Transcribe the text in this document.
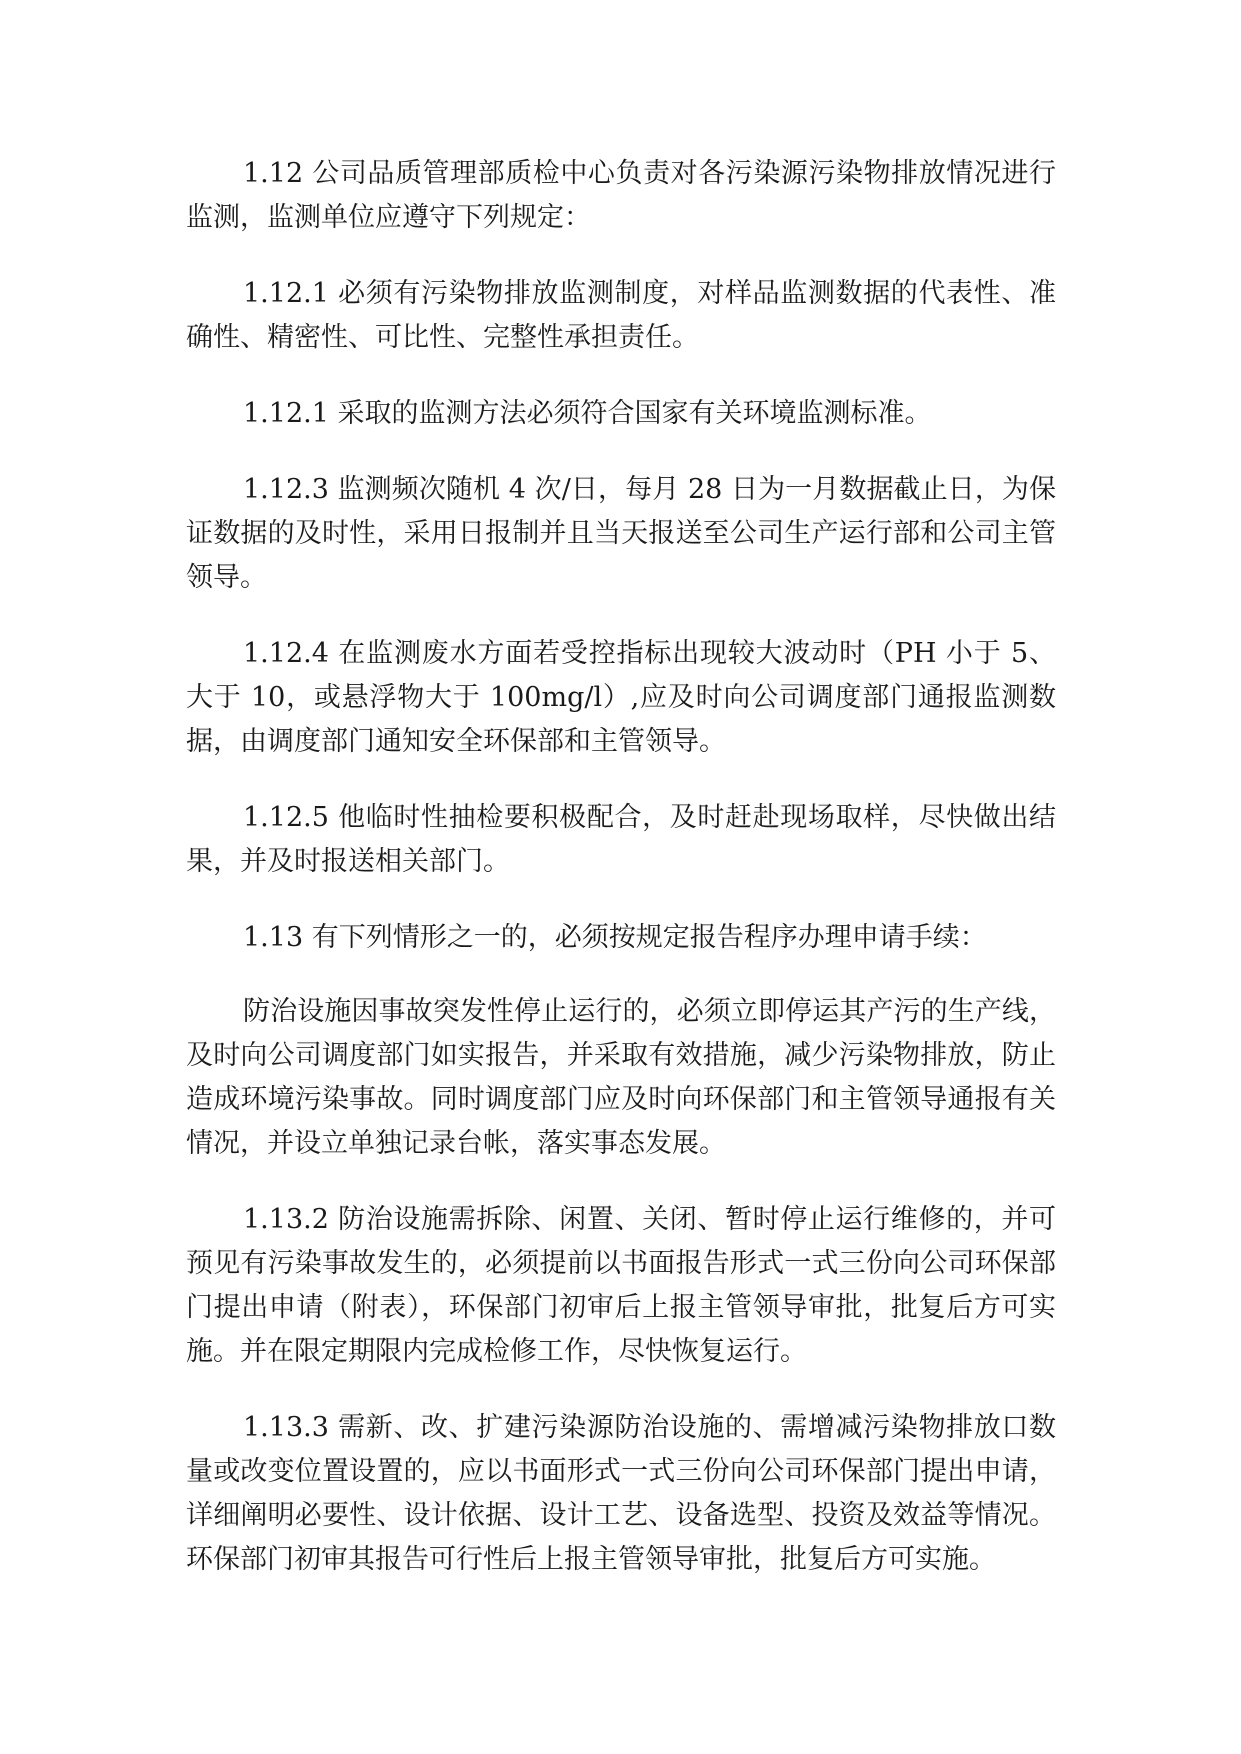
1.12 公司品质管理部质检中心负责对各污染源污染物排放情况进行监测，监测单位应遵守下列规定：

1.12.1 必须有污染物排放监测制度，对样品监测数据的代表性、准确性、精密性、可比性、完整性承担责任。

1.12.1 采取的监测方法必须符合国家有关环境监测标准。

1.12.3 监测频次随机 4 次/日，每月 28 日为一月数据截止日，为保证数据的及时性，采用日报制并且当天报送至公司生产运行部和公司主管领导。

1.12.4 在监测废水方面若受控指标出现较大波动时（PH 小于 5、大于 10，或悬浮物大于 100mg/l）,应及时向公司调度部门通报监测数据，由调度部门通知安全环保部和主管领导。

1.12.5 他临时性抽检要积极配合，及时赶赴现场取样，尽快做出结果，并及时报送相关部门。

1.13 有下列情形之一的，必须按规定报告程序办理申请手续：

防治设施因事故突发性停止运行的，必须立即停运其产污的生产线，及时向公司调度部门如实报告，并采取有效措施，减少污染物排放，防止造成环境污染事故。同时调度部门应及时向环保部门和主管领导通报有关情况，并设立单独记录台帐，落实事态发展。

1.13.2 防治设施需拆除、闲置、关闭、暂时停止运行维修的，并可预见有污染事故发生的，必须提前以书面报告形式一式三份向公司环保部门提出申请（附表），环保部门初审后上报主管领导审批，批复后方可实施。并在限定期限内完成检修工作，尽快恢复运行。

1.13.3 需新、改、扩建污染源防治设施的、需增减污染物排放口数量或改变位置设置的，应以书面形式一式三份向公司环保部门提出申请，详细阐明必要性、设计依据、设计工艺、设备选型、投资及效益等情况。环保部门初审其报告可行性后上报主管领导审批，批复后方可实施。
